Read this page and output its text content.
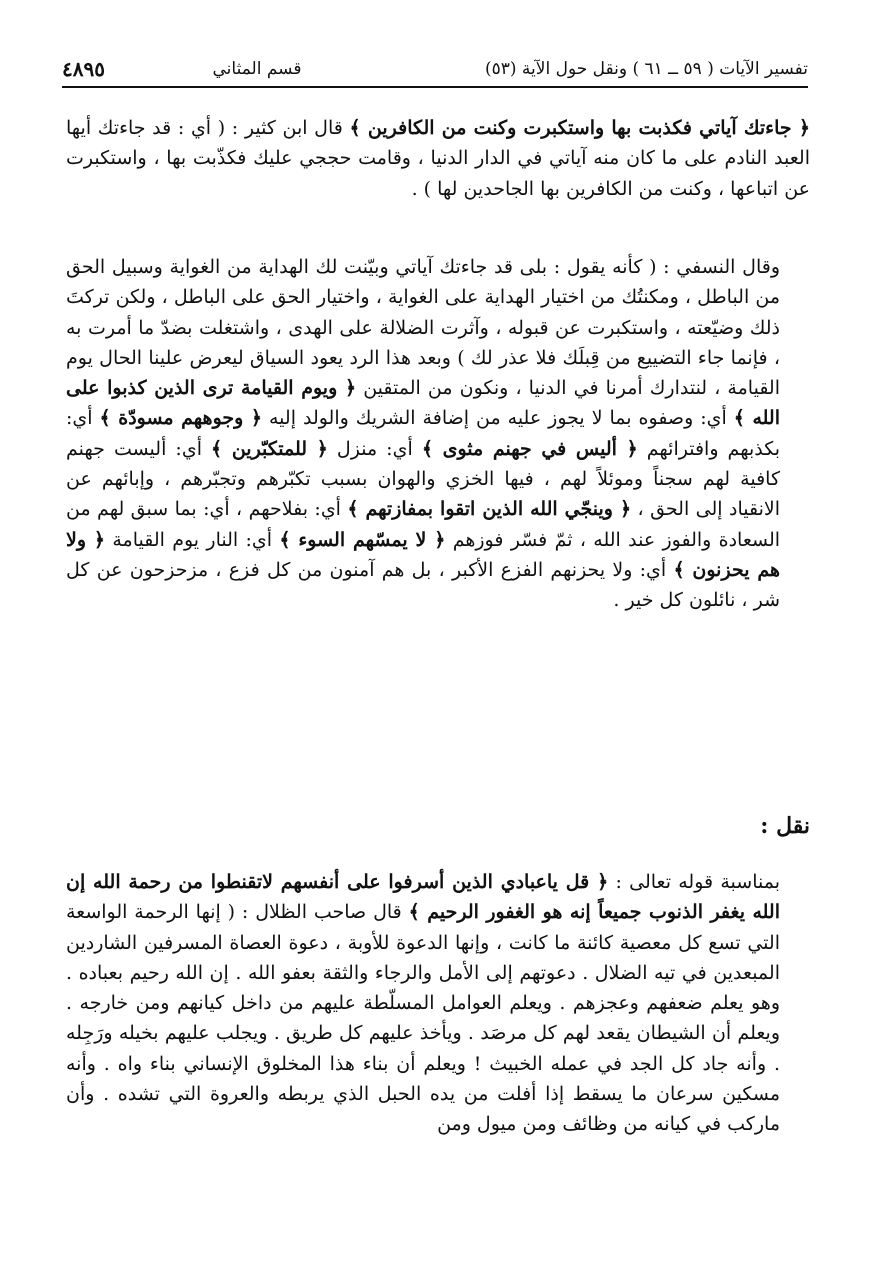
تفسير الآيات ( ٥٩ ــ ٦١ ) ونقل حول الآية (٥٣)
قسم المثاني
٤٨٩٥

﴿ جاءتك آياتي فكذبت بها واستكبرت وكنت من الكافرين ﴾ قال ابن كثير : ( أي : قد جاءتك أيها العبد النادم على ما كان منه آياتي في الدار الدنيا ، وقامت حججي عليك فكذّبت بها ، واستكبرت عن اتباعها ، وكنت من الكافرين بها الجاحدين لها ) .

وقال النسفي : ( كأنه يقول : بلى قد جاءتك آياتي وبيّنت لك الهداية من الغواية وسبيل الحق من الباطل ، ومكنتُك من اختيار الهداية على الغواية ، واختيار الحق على الباطل ، ولكن تركتَ ذلك وضيّعته ، واستكبرت عن قبوله ، وآثرت الضلالة على الهدى ، واشتغلت بضدّ ما أمرت به ، فإنما جاء التضييع من قِبلَك فلا عذر لك ) وبعد هذا الرد يعود السياق ليعرض علينا الحال يوم القيامة ، لنتدارك أمرنا في الدنيا ، ونكون من المتقين ﴿ ويوم القيامة ترى الذين كذبوا على الله ﴾ أي: وصفوه بما لا يجوز عليه من إضافة الشريك والولد إليه ﴿ وجوههم مسودّة ﴾ أي: بكذبهم وافترائهم ﴿ أليس في جهنم مثوى ﴾ أي: منزل ﴿ للمتكبّرين ﴾ أي: أليست جهنم كافية لهم سجناً وموئلاً لهم ، فيها الخزي والهوان بسبب تكبّرهم وتجبّرهم ، وإبائهم عن الانقياد إلى الحق ، ﴿ وينجّي الله الذين اتقوا بمفازتهم ﴾ أي: بفلاحهم ، أي: بما سبق لهم من السعادة والفوز عند الله ، ثمّ فسّر فوزهم ﴿ لا يمسّهم السوء ﴾ أي: النار يوم القيامة ﴿ ولا هم يحزنون ﴾ أي: ولا يحزنهم الفزع الأكبر ، بل هم آمنون من كل فزع ، مزحزحون عن كل شر ، نائلون كل خير .

نقل :

بمناسبة قوله تعالى : ﴿ قل ياعبادي الذين أسرفوا على أنفسهم لاتقنطوا من رحمة الله إن الله يغفر الذنوب جميعاً إنه هو الغفور الرحيم ﴾ قال صاحب الظلال : ( إنها الرحمة الواسعة التي تسع كل معصية كائنة ما كانت ، وإنها الدعوة للأوبة ، دعوة العصاة المسرفين الشاردين المبعدين في تيه الضلال . دعوتهم إلى الأمل والرجاء والثقة بعفو الله . إن الله رحيم بعباده . وهو يعلم ضعفهم وعجزهم . ويعلم العوامل المسلّطة عليهم من داخل كيانهم ومن خارجه . ويعلم أن الشيطان يقعد لهم كل مرصَد . ويأخذ عليهم كل طريق . ويجلب عليهم بخيله ورَجِله . وأنه جاد كل الجد في عمله الخبيث ! ويعلم أن بناء هذا المخلوق الإنساني بناء واه . وأنه مسكين سرعان ما يسقط إذا أفلت من يده الحبل الذي يربطه والعروة التي تشده . وأن ماركب في كيانه من وظائف ومن ميول ومن
